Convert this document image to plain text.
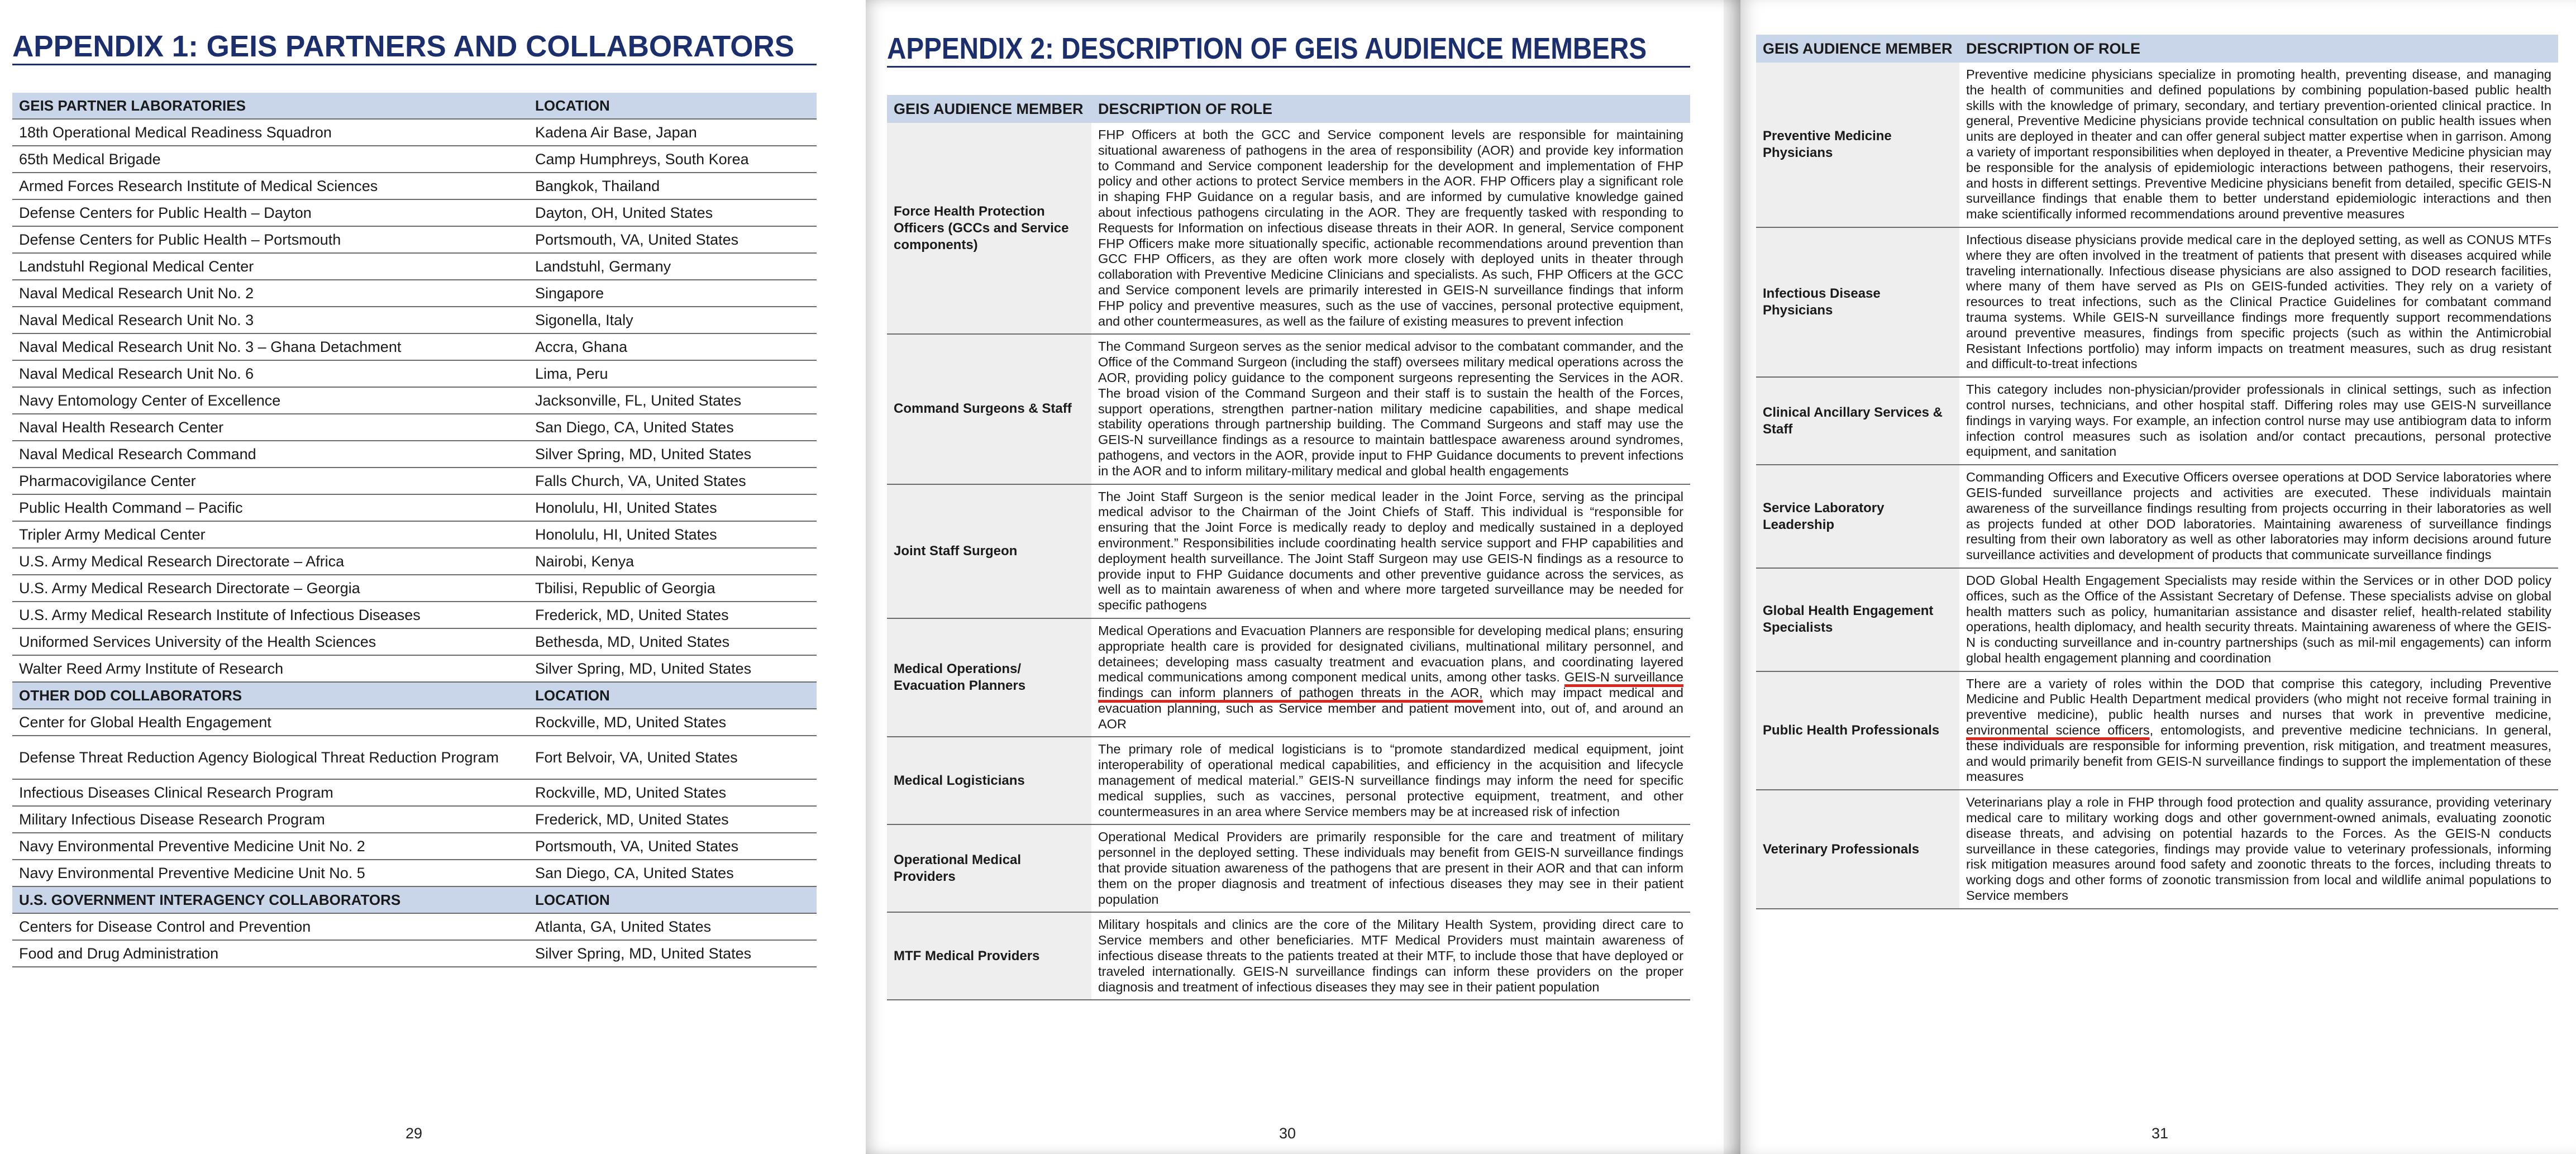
APPENDIX 1: GEIS PARTNERS AND COLLABORATORS
GEIS PARTNER LABORATORIES	LOCATION
18th Operational Medical Readiness Squadron	Kadena Air Base, Japan
65th Medical Brigade	Camp Humphreys, South Korea
Armed Forces Research Institute of Medical Sciences	Bangkok, Thailand
Defense Centers for Public Health – Dayton	Dayton, OH, United States
Defense Centers for Public Health – Portsmouth	Portsmouth, VA, United States
Landstuhl Regional Medical Center	Landstuhl, Germany
Naval Medical Research Unit No. 2	Singapore
Naval Medical Research Unit No. 3	Sigonella, Italy
Naval Medical Research Unit No. 3 – Ghana Detachment	Accra, Ghana
Naval Medical Research Unit No. 6	Lima, Peru
Navy Entomology Center of Excellence	Jacksonville, FL, United States
Naval Health Research Center	San Diego, CA, United States
Naval Medical Research Command	Silver Spring, MD, United States
Pharmacovigilance Center	Falls Church, VA, United States
Public Health Command – Pacific	Honolulu, HI, United States
Tripler Army Medical Center	Honolulu, HI, United States
U.S. Army Medical Research Directorate – Africa	Nairobi, Kenya
U.S. Army Medical Research Directorate – Georgia	Tbilisi, Republic of Georgia
U.S. Army Medical Research Institute of Infectious Diseases	Frederick, MD, United States
Uniformed Services University of the Health Sciences	Bethesda, MD, United States
Walter Reed Army Institute of Research	Silver Spring, MD, United States
OTHER DOD COLLABORATORS	LOCATION
Center for Global Health Engagement	Rockville, MD, United States
Defense Threat Reduction Agency Biological Threat Reduction Program	Fort Belvoir, VA, United States
Infectious Diseases Clinical Research Program	Rockville, MD, United States
Military Infectious Disease Research Program	Frederick, MD, United States
Navy Environmental Preventive Medicine Unit No. 2	Portsmouth, VA, United States
Navy Environmental Preventive Medicine Unit No. 5	San Diego, CA, United States
U.S. GOVERNMENT INTERAGENCY COLLABORATORS	LOCATION
Centers for Disease Control and Prevention	Atlanta, GA, United States
Food and Drug Administration	Silver Spring, MD, United States
29
APPENDIX 2: DESCRIPTION OF GEIS AUDIENCE MEMBERS
30
GEIS AUDIENCE MEMBER	DESCRIPTION OF ROLE
Force Health Protection Officers (GCCs and Service components)	FHP Officers at both the GCC and Service component levels are responsible for maintaining situational awareness of pathogens in the area of responsibility (AOR) and provide key information to Command and Service component leadership for the development and implementation of FHP policy and other actions to protect Service members in the AOR. FHP Officers play a significant role in shaping FHP Guidance on a regular basis, and are informed by cumulative knowledge gained about infectious pathogens circulating in the AOR. They are frequently tasked with responding to Requests for Information on infectious disease threats in their AOR. In general, Service component FHP Officers make more situationally specific, actionable recommendations around prevention than GCC FHP Officers, as they are often work more closely with deployed units in theater through collaboration with Preventive Medicine Clinicians and specialists. As such, FHP Officers at the GCC and Service component levels are primarily interested in GEIS-N surveillance findings that inform FHP policy and preventive measures, such as the use of vaccines, personal protective equipment, and other countermeasures, as well as the failure of existing measures to prevent infection
Command Surgeons & Staff	The Command Surgeon serves as the senior medical advisor to the combatant commander, and the Office of the Command Surgeon (including the staff) oversees military medical operations across the AOR, providing policy guidance to the component surgeons representing the Services in the AOR. The broad vision of the Command Surgeon and their staff is to sustain the health of the Forces, support operations, strengthen partner-nation military medicine capabilities, and shape medical stability operations through partnership building. The Command Surgeons and staff may use the GEIS-N surveillance findings as a resource to maintain battlespace awareness around syndromes, pathogens, and vectors in the AOR, provide input to FHP Guidance documents to prevent infections in the AOR and to inform military-military medical and global health engagements
Joint Staff Surgeon	The Joint Staff Surgeon is the senior medical leader in the Joint Force, serving as the principal medical advisor to the Chairman of the Joint Chiefs of Staff. This individual is “responsible for ensuring that the Joint Force is medically ready to deploy and medically sustained in a deployed environment.” Responsibilities include coordinating health service support and FHP capabilities and deployment health surveillance. The Joint Staff Surgeon may use GEIS-N findings as a resource to provide input to FHP Guidance documents and other preventive guidance across the services, as well as to maintain awareness of when and where more targeted surveillance may be needed for specific pathogens
Medical Operations/ Evacuation Planners	Medical Operations and Evacuation Planners are responsible for developing medical plans; ensuring appropriate health care is provided for designated civilians, multinational military personnel, and detainees; developing mass casualty treatment and evacuation plans, and coordinating layered medical communications among component medical units, among other tasks. GEIS-N surveillance findings can inform planners of pathogen threats in the AOR, which may impact medical and evacuation planning, such as Service member and patient movement into, out of, and around an AOR
Medical Logisticians	The primary role of medical logisticians is to “promote standardized medical equipment, joint interoperability of operational medical capabilities, and efficiency in the acquisition and lifecycle management of medical material.” GEIS-N surveillance findings may inform the need for specific medical supplies, such as vaccines, personal protective equipment, treatment, and other countermeasures in an area where Service members may be at increased risk of infection
Operational Medical Providers	Operational Medical Providers are primarily responsible for the care and treatment of military personnel in the deployed setting. These individuals may benefit from GEIS-N surveillance findings that provide situation awareness of the pathogens that are present in their AOR and that can inform them on the proper diagnosis and treatment of infectious diseases they may see in their patient population
MTF Medical Providers	Military hospitals and clinics are the core of the Military Health System, providing direct care to Service members and other beneficiaries. MTF Medical Providers must maintain awareness of infectious disease threats to the patients treated at their MTF, to include those that have deployed or traveled internationally. GEIS-N surveillance findings can inform these providers on the proper diagnosis and treatment of infectious diseases they may see in their patient population
31
GEIS AUDIENCE MEMBER	DESCRIPTION OF ROLE
Preventive Medicine Physicians	Preventive medicine physicians specialize in promoting health, preventing disease, and managing the health of communities and defined populations by combining population-based public health skills with the knowledge of primary, secondary, and tertiary prevention-oriented clinical practice. In general, Preventive Medicine physicians provide technical consultation on public health issues when units are deployed in theater and can offer general subject matter expertise when in garrison. Among a variety of important responsibilities when deployed in theater, a Preventive Medicine physician may be responsible for the analysis of epidemiologic interactions between pathogens, their reservoirs, and hosts in different settings. Preventive Medicine physicians benefit from detailed, specific GEIS-N surveillance findings that enable them to better understand epidemiologic interactions and then make scientifically informed recommendations around preventive measures
Infectious Disease Physicians	Infectious disease physicians provide medical care in the deployed setting, as well as CONUS MTFs where they are often involved in the treatment of patients that present with diseases acquired while traveling internationally. Infectious disease physicians are also assigned to DOD research facilities, where many of them have served as PIs on GEIS-funded activities. They rely on a variety of resources to treat infections, such as the Clinical Practice Guidelines for combatant command trauma systems. While GEIS-N surveillance findings more frequently support recommendations around preventive measures, findings from specific projects (such as within the Antimicrobial Resistant Infections portfolio) may inform impacts on treatment measures, such as drug resistant and difficult-to-treat infections
Clinical Ancillary Services & Staff	This category includes non-physician/provider professionals in clinical settings, such as infection control nurses, technicians, and other hospital staff. Differing roles may use GEIS-N surveillance findings in varying ways. For example, an infection control nurse may use antibiogram data to inform infection control measures such as isolation and/or contact precautions, personal protective equipment, and sanitation
Service Laboratory Leadership	Commanding Officers and Executive Officers oversee operations at DOD Service laboratories where GEIS-funded surveillance projects and activities are executed. These individuals maintain awareness of the surveillance findings resulting from projects occurring in their laboratories as well as projects funded at other DOD laboratories. Maintaining awareness of surveillance findings resulting from their own laboratory as well as other laboratories may inform decisions around future surveillance activities and development of products that communicate surveillance findings
Global Health Engagement Specialists	DOD Global Health Engagement Specialists may reside within the Services or in other DOD policy offices, such as the Office of the Assistant Secretary of Defense. These specialists advise on global health matters such as policy, humanitarian assistance and disaster relief, health-related stability operations, health diplomacy, and health security threats. Maintaining awareness of where the GEIS-N is conducting surveillance and in-country partnerships (such as mil-mil engagements) can inform global health engagement planning and coordination
Public Health Professionals	There are a variety of roles within the DOD that comprise this category, including Preventive Medicine and Public Health Department medical providers (who might not receive formal training in preventive medicine), public health nurses and nurses that work in preventive medicine, environmental science officers, entomologists, and preventive medicine technicians. In general, these individuals are responsible for informing prevention, risk mitigation, and treatment measures, and would primarily benefit from GEIS-N surveillance findings to support the implementation of these measures
Veterinary Professionals	Veterinarians play a role in FHP through food protection and quality assurance, providing veterinary medical care to military working dogs and other government-owned animals, evaluating zoonotic disease threats, and advising on potential hazards to the Forces. As the GEIS-N conducts surveillance in these categories, findings may provide value to veterinary professionals, informing risk mitigation measures around food safety and zoonotic threats to the forces, including threats to working dogs and other forms of zoonotic transmission from local and wildlife animal populations to Service members
